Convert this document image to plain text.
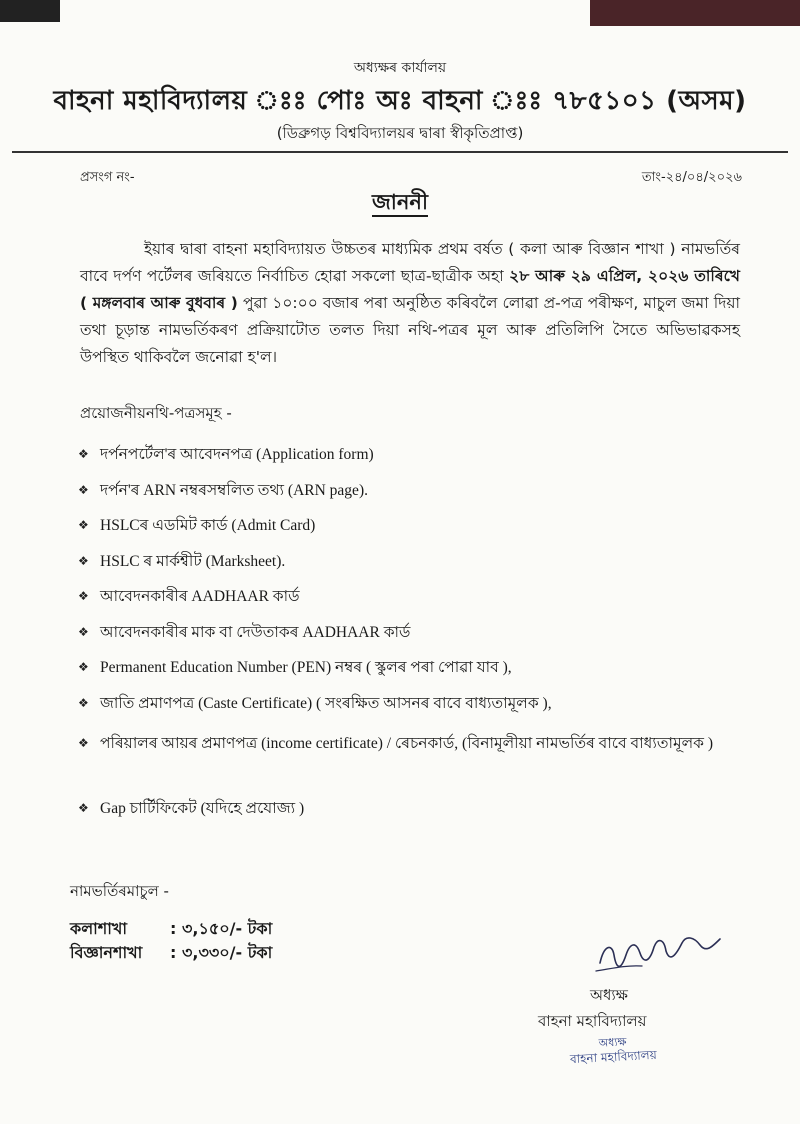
অধ্যক্ষৰ কাৰ্যালয়
বাহনা মহাবিদ্যালয় ঃঃ পোঃ অঃ বাহনা ঃঃ ৭৮৫১০১ (অসম)
(ডিব্ৰুগড় বিশ্ববিদ্যালয়ৰ দ্বাৰা স্বীকৃতিপ্ৰাপ্ত)
প্ৰসংগ নং-	তাং-২৪/০৪/২০২৬
জাননী
ইয়াৰ দ্বাৰা বাহনা মহাবিদ্যায়ত উচ্চতৰ মাধ্যমিক প্ৰথম বৰ্ষত ( কলা আৰু বিজ্ঞান শাখা ) নামভৰ্তিৰ বাবে দৰ্পণ পৰ্টেলৰ জৰিয়তে নিৰ্বাচিত হোৱা সকলো ছাত্ৰ-ছাত্ৰীক অহা ২৮ আৰু ২৯ এপ্ৰিল, ২০২৬ তাৰিখে ( মঙ্গলবাৰ আৰু বুধবাৰ ) পুৱা ১০:০০ বজাৰ পৰা অনুষ্ঠিত কৰিবলৈ লোৱা প্ৰ-পত্ৰ পৰীক্ষণ, মাচুল জমা দিয়া তথা চূড়ান্ত নামভৰ্তিকৰণ প্ৰক্ৰিয়াটোত তলত দিয়া নথি-পত্ৰৰ মূল আৰু প্ৰতিলিপি সৈতে অভিভাৱকসহ উপস্থিত থাকিবলৈ জনোৱা হ'ল।
প্ৰয়োজনীয়নথি-পত্ৰসমূহ -
❖ দৰ্পনপৰ্টেল'ৰ আবেদনপত্ৰ (Application form)
❖ দৰ্পন'ৰ ARN নম্বৰসম্বলিত তথ্য (ARN page).
❖ HSLCৰ এডমিট কাৰ্ড (Admit Card)
❖ HSLC ৰ মাৰ্কশ্বীট (Marksheet).
❖ আবেদনকাৰীৰ AADHAAR কাৰ্ড
❖ আবেদনকাৰীৰ মাক বা দেউতাকৰ AADHAAR কাৰ্ড
❖ Permanent Education Number (PEN) নম্বৰ ( স্কুলৰ পৰা পোৱা যাব ),
❖ জাতি প্ৰমাণপত্ৰ (Caste Certificate) ( সংৰক্ষিত আসনৰ বাবে বাধ্যতামূলক ),
❖ পৰিয়ালৰ আয়ৰ প্ৰমাণপত্ৰ (income certificate) / ৰেচনকাৰ্ড, (বিনামূলীয়া নামভৰ্তিৰ বাবে বাধ্যতামূলক )
❖ Gap চাৰ্টিফিকেট (যদিহে প্ৰযোজ্য )
নামভৰ্তিৰমাচুল -
কলাশাখা	: ৩,১৫০/- টকা
বিজ্ঞানশাখা : ৩,৩৩০/- টকা
অধ্যক্ষ
বাহনা মহাবিদ্যালয়
অধ্যক্ষ
বাহনা মহাবিদ্যালয়
